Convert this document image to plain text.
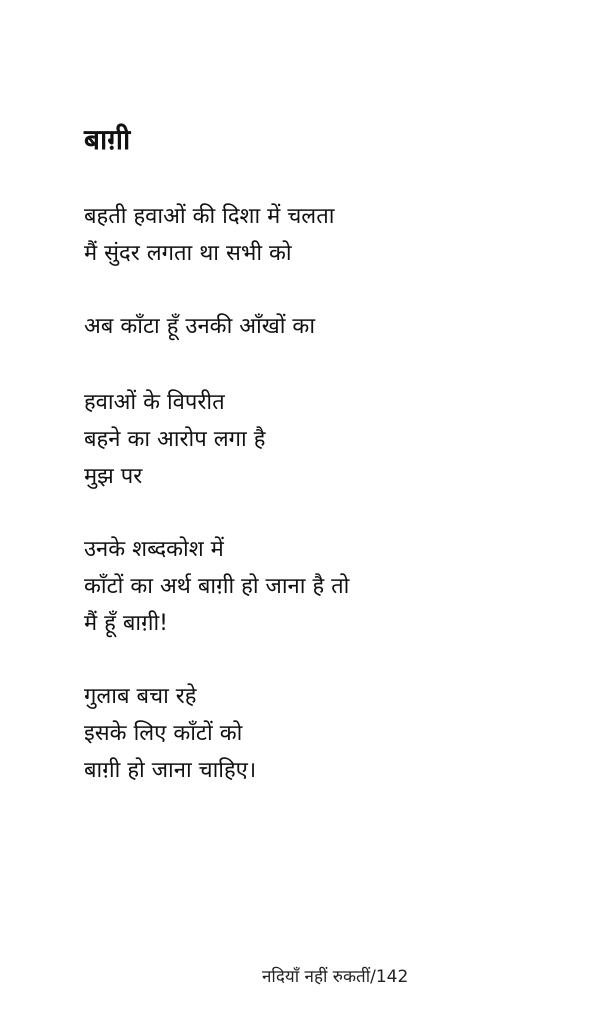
बाग़ी
बहती हवाओं की दिशा में चलता
मैं सुंदर लगता था सभी को
अब काँटा हूँ उनकी आँखों का
हवाओं के विपरीत
बहने का आरोप लगा है
मुझ पर
उनके शब्दकोश में
काँटों का अर्थ बाग़ी हो जाना है तो
मैं हूँ बाग़ी!
गुलाब बचा रहे
इसके लिए काँटों को
बाग़ी हो जाना चाहिए।
नदियाँ नहीं रुकतीं/142
